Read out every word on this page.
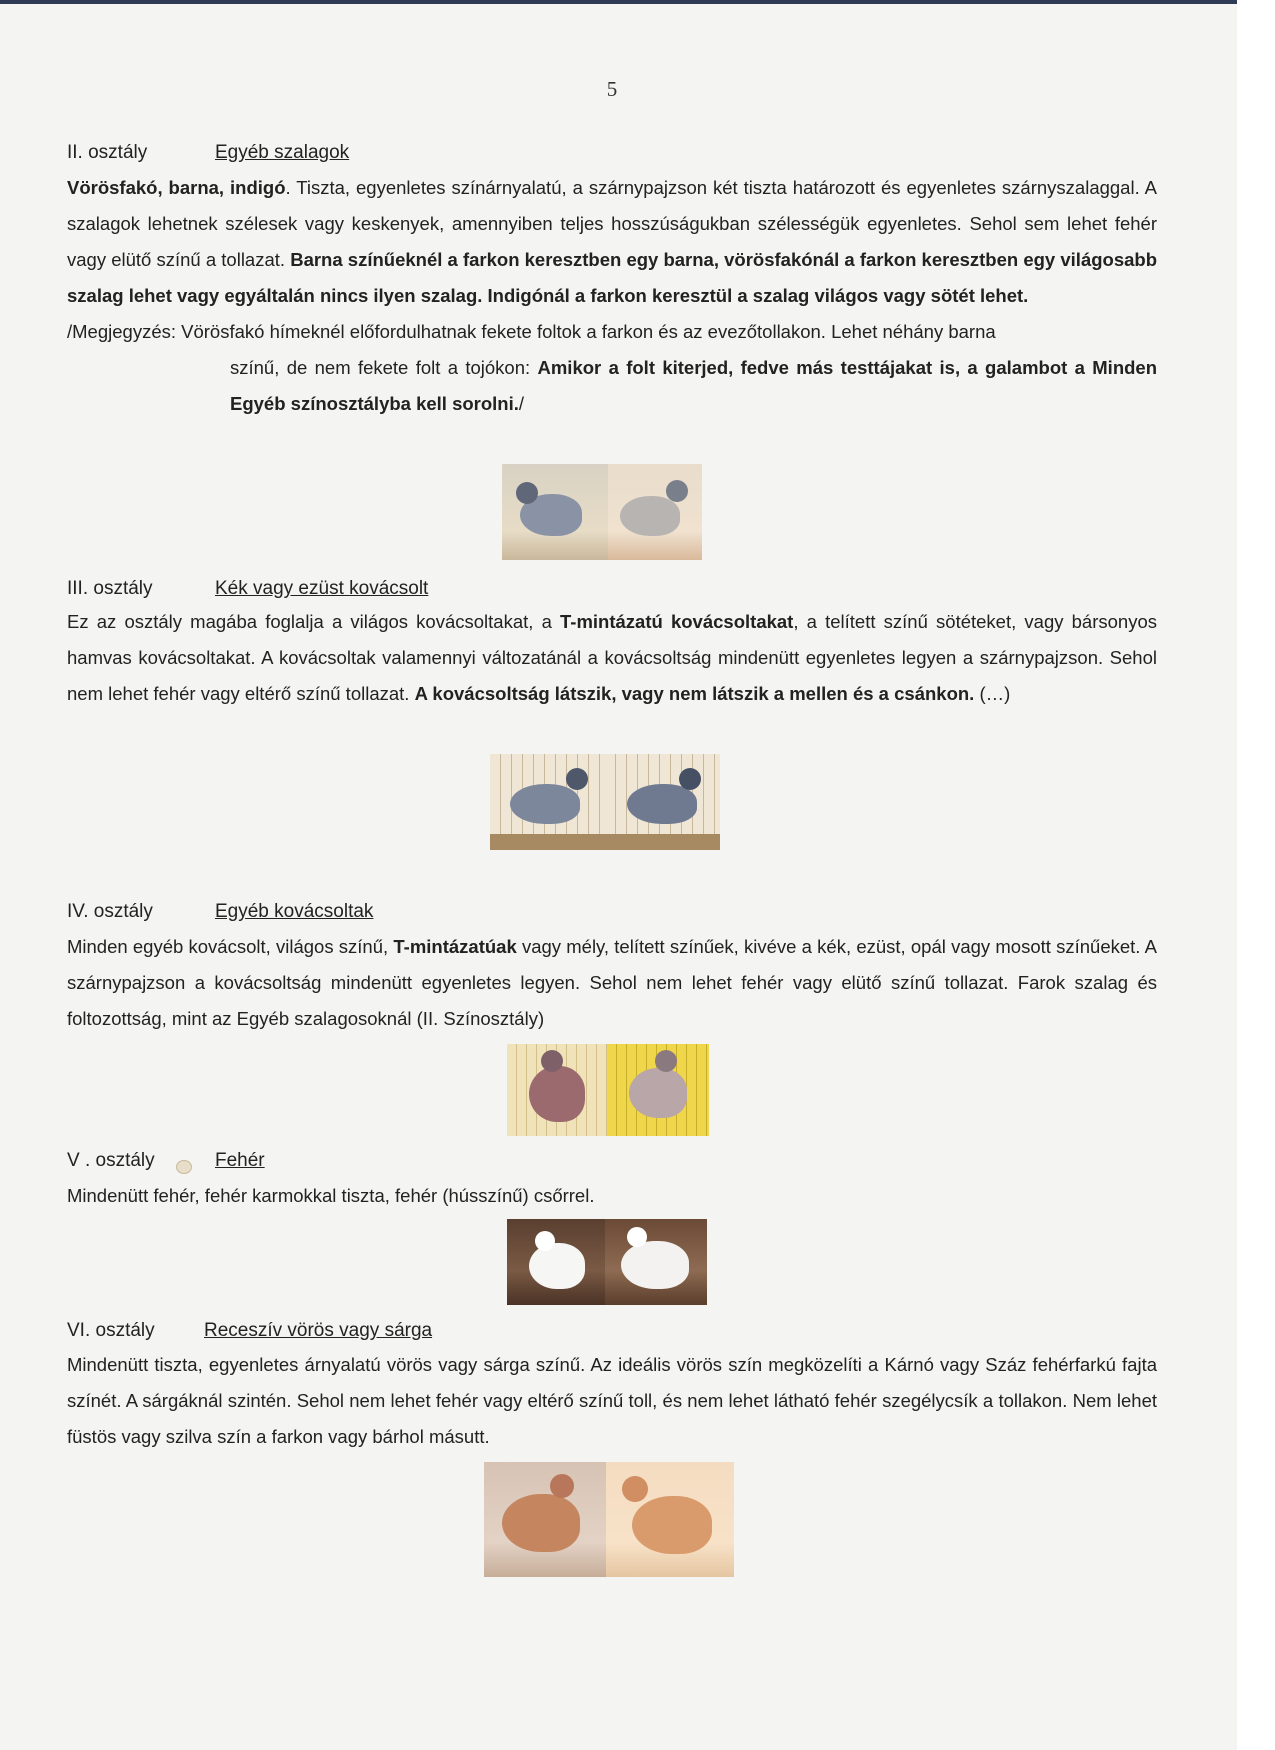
5
II. osztály	Egyéb szalagok

Vörösfakó, barna, indigó. Tiszta, egyenletes színárnyalatú, a szárnypajzson két tiszta határozott és egyenletes szárnyszalaggal. A szalagok lehetnek szélesek vagy keskenyek, amennyiben teljes hosszúságukban szélességük egyenletes. Sehol sem lehet fehér vagy elütő színű a tollazat. Barna színűeknél a farkon keresztben egy barna, vörösfakónál a farkon keresztben egy világosabb szalag lehet vagy egyáltalán nincs ilyen szalag. Indigónál a farkon keresztül a szalag világos vagy sötét lehet.

/Megjegyzés: Vörösfakó hímeknél előfordulhatnak fekete foltok a farkon és az evezőtollakon. Lehet néhány barna

színű, de nem fekete folt a tojókon: Amikor a folt kiterjed, fedve más testtájakat is, a galambot a Minden Egyéb színosztályba kell sorolni./

III. osztály	Kék vagy ezüst kovácsolt

Ez az osztály magába foglalja a világos kovácsoltakat, a T-mintázatú kovácsoltakat, a telített színű sötéteket, vagy bársonyos hamvas kovácsoltakat. A kovácsoltak valamennyi változatánál a kovácsoltság mindenütt egyenletes legyen a szárnypajzson. Sehol nem lehet fehér vagy eltérő színű tollazat. A kovácsoltság látszik, vagy nem látszik a mellen és a csánkon. (…)

IV. osztály	Egyéb kovácsoltak

Minden egyéb kovácsolt, világos színű, T-mintázatúak vagy mély, telített színűek, kivéve a kék, ezüst, opál vagy mosott színűeket. A szárnypajzson a kovácsoltság mindenütt egyenletes legyen. Sehol nem lehet fehér vagy elütő színű tollazat. Farok szalag és foltozottság, mint az Egyéb szalagosoknál (II. Színosztály)

V . osztály	Fehér

Mindenütt fehér, fehér karmokkal tiszta, fehér (hússzínű) csőrrel.

VI. osztály	Receszív vörös vagy sárga

Mindenütt tiszta, egyenletes árnyalatú vörös vagy sárga színű. Az ideális vörös szín megközelíti a Kárnó vagy Száz fehérfarkú fajta színét. A sárgáknál szintén. Sehol nem lehet fehér vagy eltérő színű toll, és nem lehet látható fehér szegélycsík a tollakon. Nem lehet füstös vagy szilva szín a farkon vagy bárhol másutt.
